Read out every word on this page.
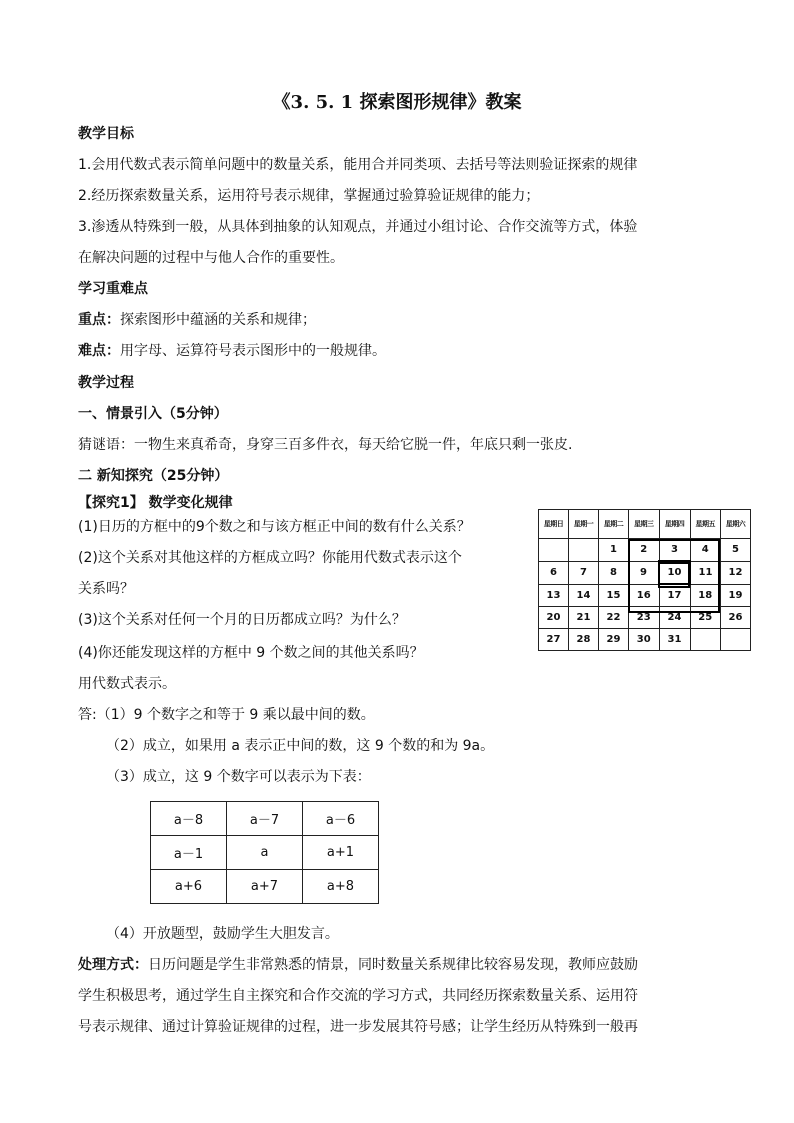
《3. 5. 1 探索图形规律》教案
教学目标
1.会用代数式表示简单问题中的数量关系，能用合并同类项、去括号等法则验证探索的规律
2.经历探索数量关系，运用符号表示规律，掌握通过验算验证规律的能力；
3.渗透从特殊到一般，从具体到抽象的认知观点，并通过小组讨论、合作交流等方式，体验
在解决问题的过程中与他人合作的重要性。
学习重难点
重点：探索图形中蕴涵的关系和规律；
难点：用字母、运算符号表示图形中的一般规律。
教学过程
一、情景引入（5分钟）
猜谜语：一物生来真希奇，身穿三百多件衣，每天给它脱一件，年底只剩一张皮.
二 新知探究（25分钟）
【探究1】 数学变化规律
(1)日历的方框中的9个数之和与该方框正中间的数有什么关系？
(2)这个关系对其他这样的方框成立吗？你能用代数式表示这个
关系吗？
(3)这个关系对任何一个月的日历都成立吗？为什么？
(4)你还能发现这样的方框中 9 个数之间的其他关系吗？
用代数式表示。
星期日	星期一	星期二	星期三	星期四	星期五	星期六
		1	2	3	4	5
6	7	8	9	10	11	12
13	14	15	16	17	18	19
20	21	22	23	24	25	26
27	28	29	30	31		
答:（1）9 个数字之和等于 9 乘以最中间的数。
（2）成立，如果用 a 表示正中间的数，这 9 个数的和为 9a。
（3）成立，这 9 个数字可以表示为下表：
a－8	a－7	a－6
a－1	a	a+1
a+6	a+7	a+8
（4）开放题型，鼓励学生大胆发言。
处理方式：日历问题是学生非常熟悉的情景，同时数量关系规律比较容易发现，教师应鼓励
学生积极思考，通过学生自主探究和合作交流的学习方式，共同经历探索数量关系、运用符
号表示规律、通过计算验证规律的过程，进一步发展其符号感；让学生经历从特殊到一般再
